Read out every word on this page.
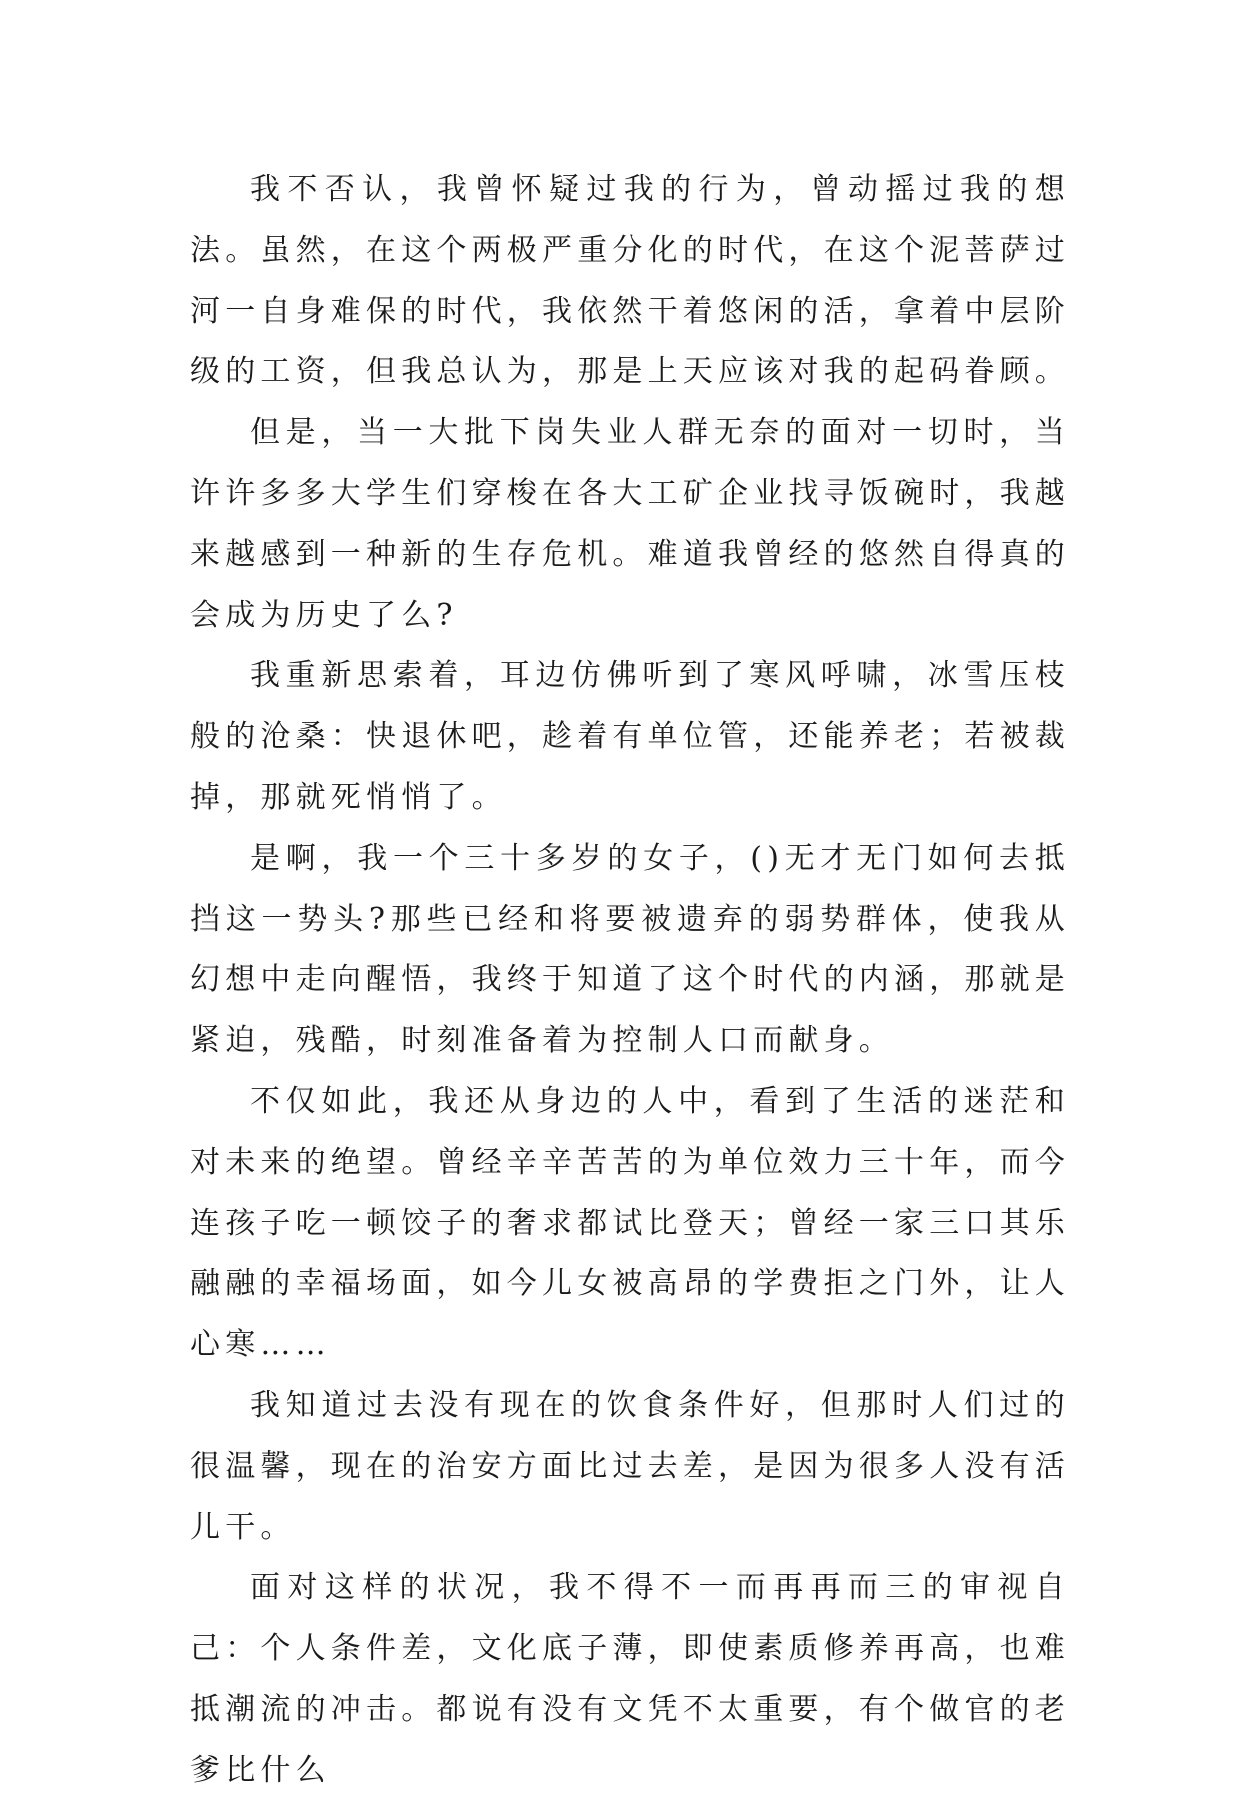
我不否认，我曾怀疑过我的行为，曾动摇过我的想法。虽然，在这个两极严重分化的时代，在这个泥菩萨过河一自身难保的时代，我依然干着悠闲的活，拿着中层阶级的工资，但我总认为，那是上天应该对我的起码眷顾。

但是，当一大批下岗失业人群无奈的面对一切时，当许许多多大学生们穿梭在各大工矿企业找寻饭碗时，我越来越感到一种新的生存危机。难道我曾经的悠然自得真的会成为历史了么?

我重新思索着，耳边仿佛听到了寒风呼啸，冰雪压枝般的沧桑：快退休吧，趁着有单位管，还能养老；若被裁掉，那就死悄悄了。

是啊，我一个三十多岁的女子，()无才无门如何去抵挡这一势头?那些已经和将要被遗弃的弱势群体，使我从幻想中走向醒悟，我终于知道了这个时代的内涵，那就是紧迫，残酷，时刻准备着为控制人口而献身。

不仅如此，我还从身边的人中，看到了生活的迷茫和对未来的绝望。曾经辛辛苦苦的为单位效力三十年，而今连孩子吃一顿饺子的奢求都试比登天；曾经一家三口其乐融融的幸福场面，如今儿女被高昂的学费拒之门外，让人心寒……

我知道过去没有现在的饮食条件好，但那时人们过的很温馨，现在的治安方面比过去差，是因为很多人没有活儿干。

面对这样的状况，我不得不一而再再而三的审视自己：个人条件差，文化底子薄，即使素质修养再高，也难抵潮流的冲击。都说有没有文凭不太重要，有个做官的老爹比什么
